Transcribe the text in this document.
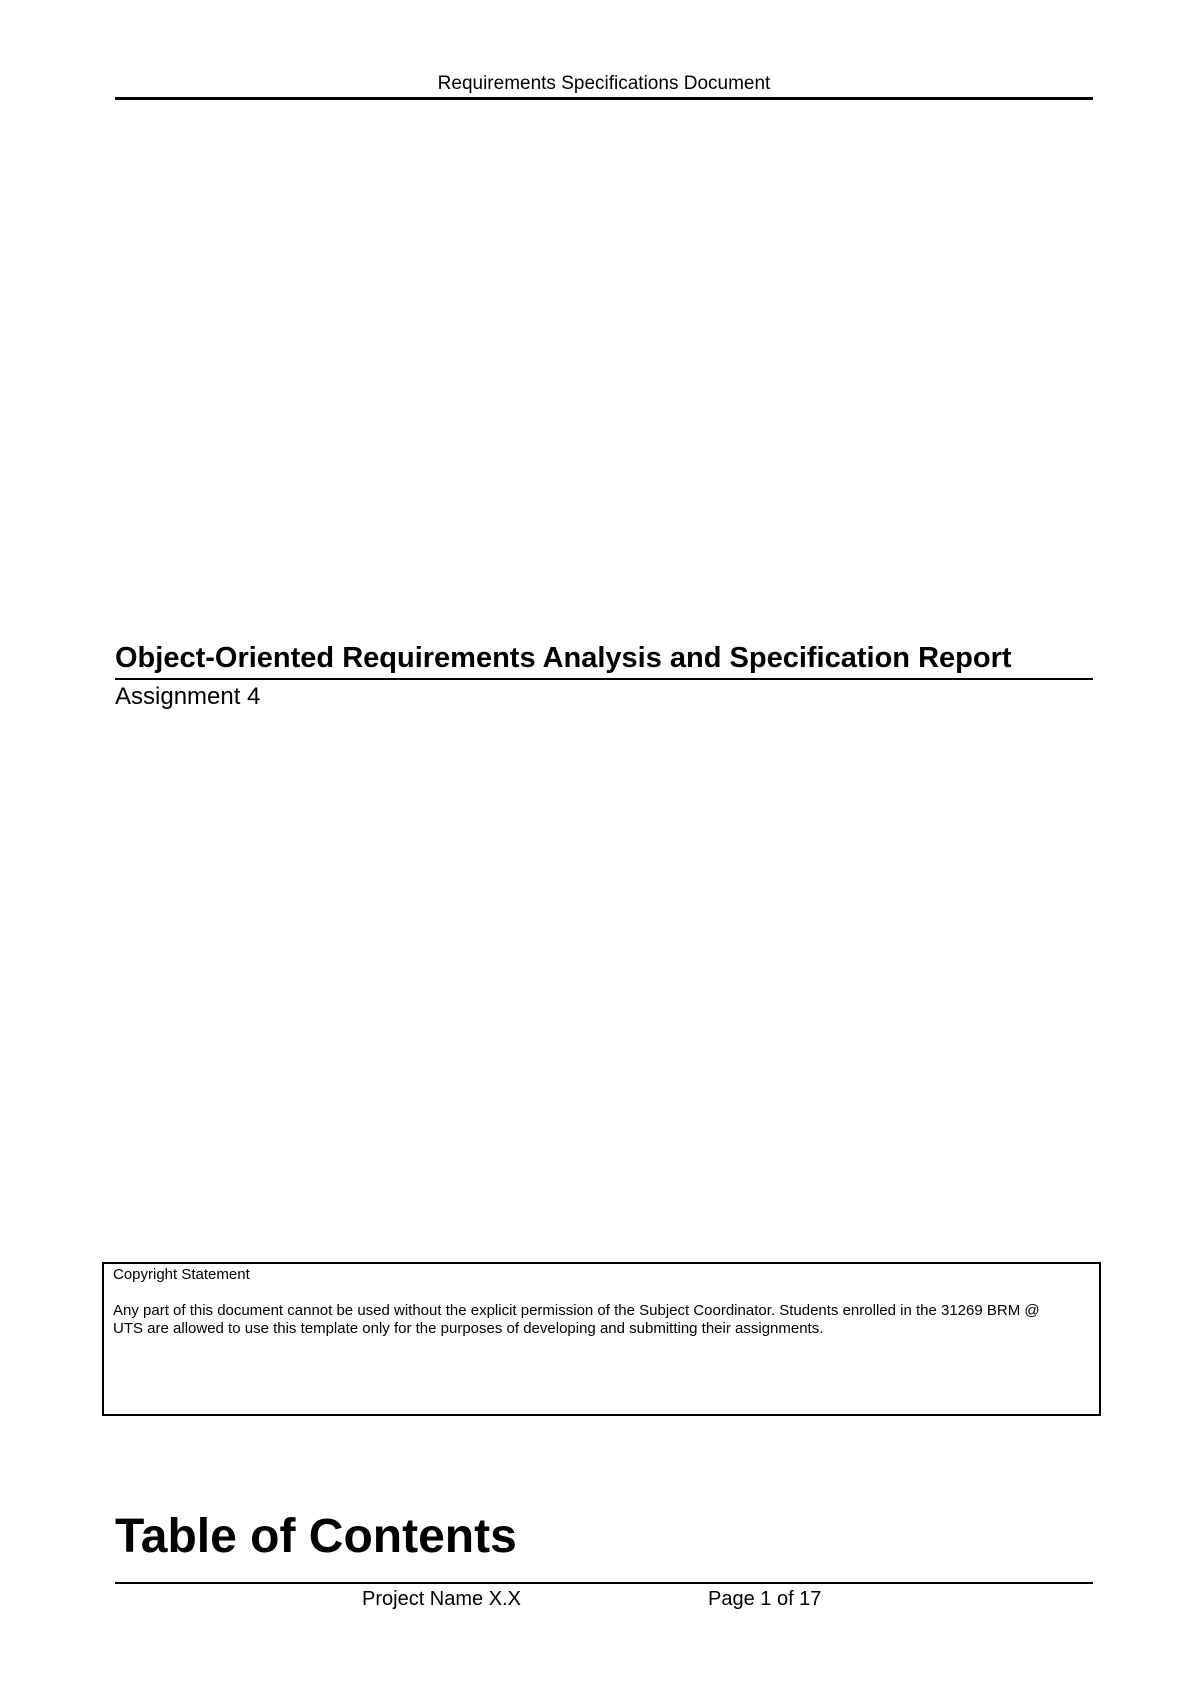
Requirements Specifications Document
Object-Oriented Requirements Analysis and Specification Report
Assignment 4

Copyright Statement

Any part of this document cannot be used without the explicit permission of the Subject Coordinator. Students enrolled in the 31269 BRM @ UTS are allowed to use this template only for the purposes of developing and submitting their assignments.

Table of Contents
Project Name X.X	Page 1 of 17
